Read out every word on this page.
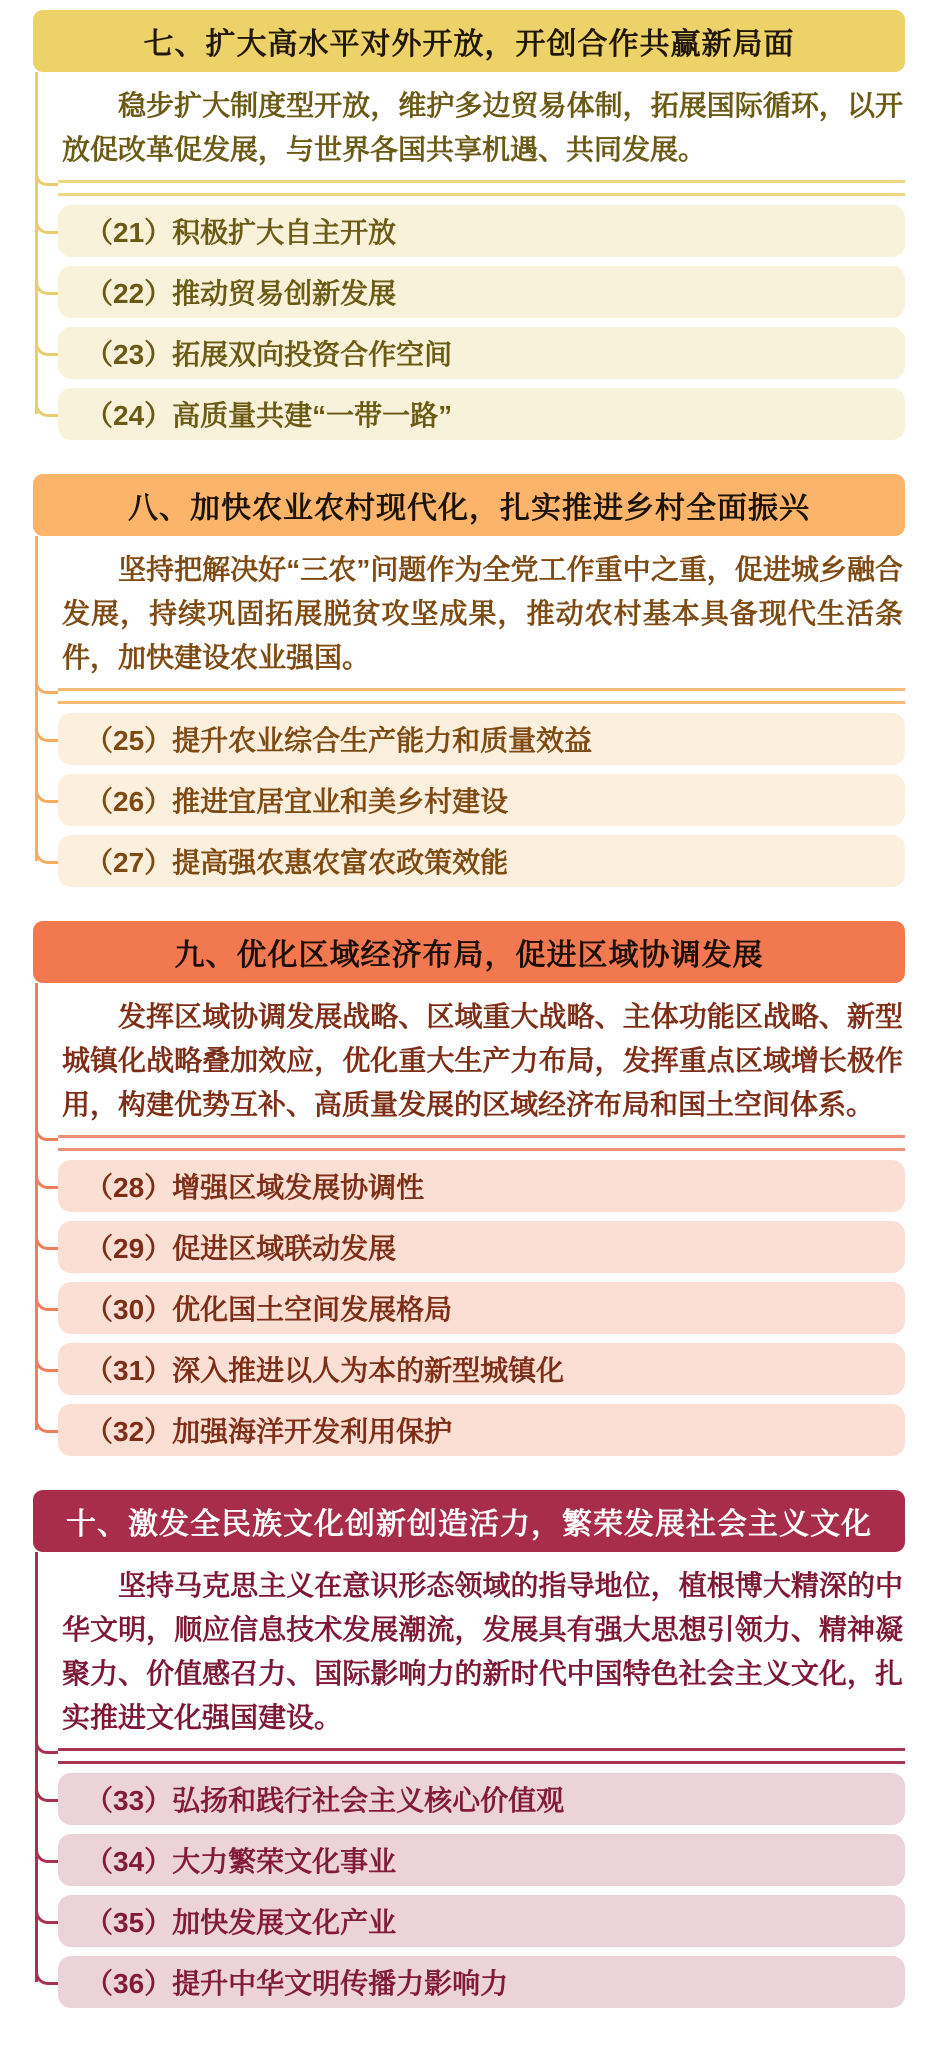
七、扩大高水平对外开放，开创合作共赢新局面

稳步扩大制度型开放，维护多边贸易体制，拓展国际循环，以开放促改革促发展，与世界各国共享机遇、共同发展。

（21）积极扩大自主开放
（22）推动贸易创新发展
（23）拓展双向投资合作空间
（24）高质量共建“一带一路”
八、加快农业农村现代化，扎实推进乡村全面振兴

坚持把解决好“三农”问题作为全党工作重中之重，促进城乡融合发展，持续巩固拓展脱贫攻坚成果，推动农村基本具备现代生活条件，加快建设农业强国。

（25）提升农业综合生产能力和质量效益
（26）推进宜居宜业和美乡村建设
（27）提高强农惠农富农政策效能
九、优化区域经济布局，促进区域协调发展

发挥区域协调发展战略、区域重大战略、主体功能区战略、新型城镇化战略叠加效应，优化重大生产力布局，发挥重点区域增长极作用，构建优势互补、高质量发展的区域经济布局和国土空间体系。

（28）增强区域发展协调性
（29）促进区域联动发展
（30）优化国土空间发展格局
（31）深入推进以人为本的新型城镇化
（32）加强海洋开发利用保护
十、激发全民族文化创新创造活力，繁荣发展社会主义文化

坚持马克思主义在意识形态领域的指导地位，植根博大精深的中华文明，顺应信息技术发展潮流，发展具有强大思想引领力、精神凝聚力、价值感召力、国际影响力的新时代中国特色社会主义文化，扎实推进文化强国建设。

（33）弘扬和践行社会主义核心价值观
（34）大力繁荣文化事业
（35）加快发展文化产业
（36）提升中华文明传播力影响力
